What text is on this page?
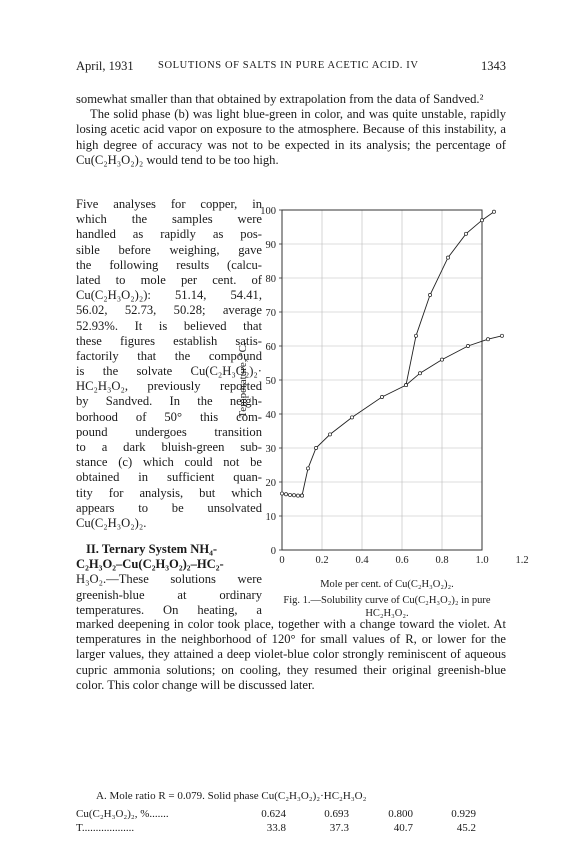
April, 1931 SOLUTIONS OF SALTS IN PURE ACETIC ACID. IV	1343

somewhat smaller than that obtained by extrapolation from the data of Sandved.²

The solid phase (b) was light blue-green in color, and was quite unstable, rapidly losing acetic acid vapor on exposure to the atmosphere. Because of this instability, a high degree of accuracy was not to be expected in its analysis; the percentage of Cu(C₂H₃O₂)₂ would tend to be too high.

Five analyses for copper, in
which the samples were
handled as rapidly as pos-
sible before weighing, gave
the following results (calcu-
lated to mole per cent. of
Cu(C₂H₃O₂)₂): 51.14, 54.41,
56.02, 52.73, 50.28; average
52.93%. It is believed that
these figures establish satis-
factorily that the compound
is the solvate Cu(C₂H₃O₂)₂·
HC₂H₃O₂, previously reported
by Sandved. In the neigh-
borhood of 50° this com-
pound undergoes transition
to a dark bluish-green sub-
stance (c) which could not be
obtained in sufficient quan-
tity for analysis, but which
appears to be unsolvated
Cu(C₂H₃O₂)₂.
0
10
20
30
40
50
60
70
80
90
100
0	0.2	0.4	0.6	0.8	1.0	1.2
Temperature, °C.
Mole per cent. of Cu(C₂H₃O₂)₂.
Fig. 1.—Solubility curve of Cu(C₂H₃O₂)₂ in pure
HC₂H₃O₂.
II. Ternary System NH₄-
C₂H₃O₂–Cu(C₂H₃O₂)₂–HC₂-
H₃O₂.—These solutions were
greenish-blue at ordinary
temperatures. On heating, a

marked deepening in color took place, together with a change toward the violet. At temperatures in the neighborhood of 120° for small values of R, or lower for the larger values, they attained a deep violet-blue color strongly reminiscent of aqueous cupric ammonia solutions; on cooling, they resumed their original greenish-blue color. This color change will be discussed later.

A. Mole ratio R = 0.079. Solid phase Cu(C₂H₃O₂)₂·HC₂H₃O₂
Cu(C₂H₃O₂)₂, %.......	0.624	0.693	0.800	0.929
T...................	33.8	37.3	40.7	45.2
